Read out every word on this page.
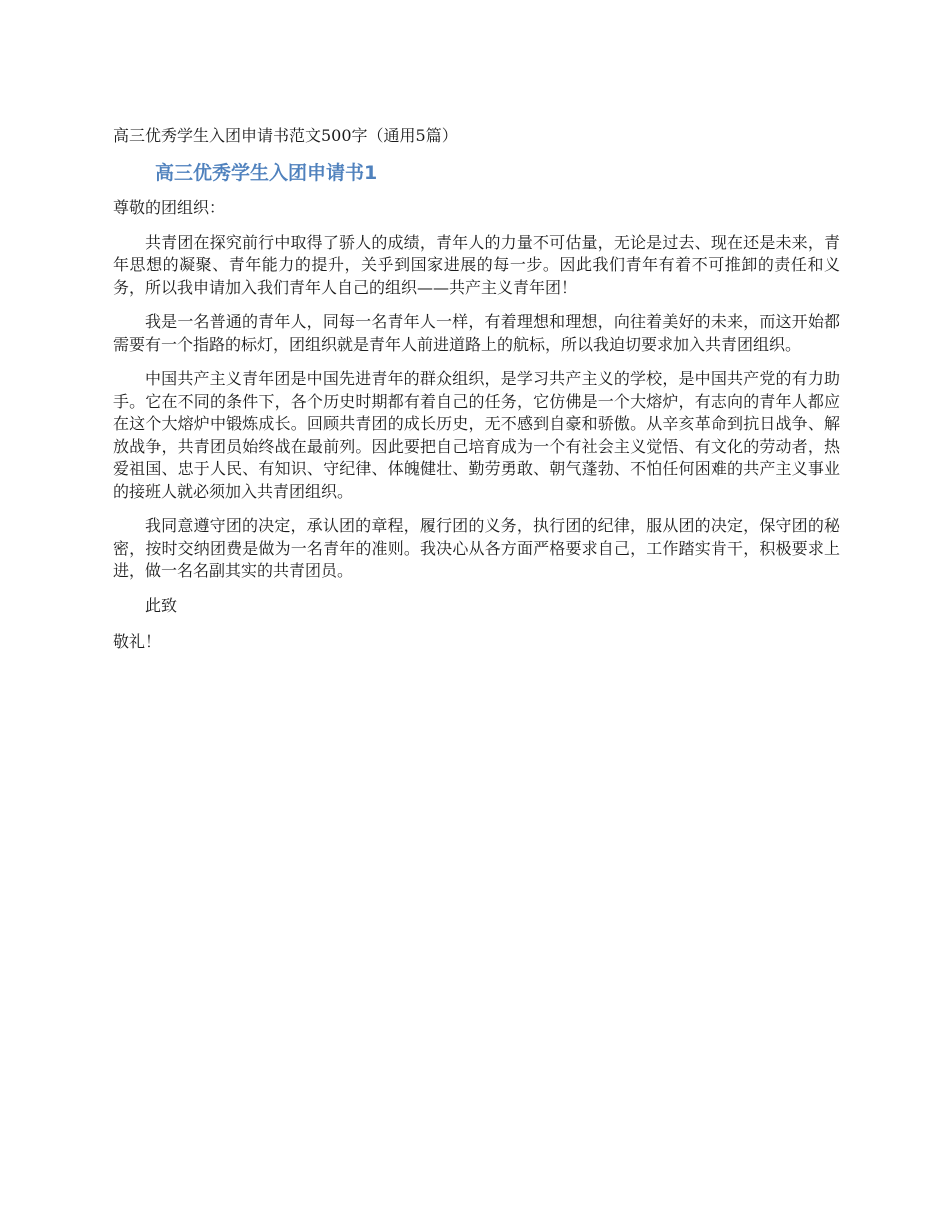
高三优秀学生入团申请书范文500字（通用5篇）

高三优秀学生入团申请书1

尊敬的团组织：

共青团在探究前行中取得了骄人的成绩，青年人的力量不可估量，无论是过去、现在还是未来，青年思想的凝聚、青年能力的提升，关乎到国家进展的每一步。因此我们青年有着不可推卸的责任和义务，所以我申请加入我们青年人自己的组织——共产主义青年团！

我是一名普通的青年人，同每一名青年人一样，有着理想和理想，向往着美好的未来，而这开始都需要有一个指路的标灯，团组织就是青年人前进道路上的航标，所以我迫切要求加入共青团组织。

中国共产主义青年团是中国先进青年的群众组织，是学习共产主义的学校，是中国共产党的有力助手。它在不同的条件下，各个历史时期都有着自己的任务，它仿佛是一个大熔炉，有志向的青年人都应在这个大熔炉中锻炼成长。回顾共青团的成长历史，无不感到自豪和骄傲。从辛亥革命到抗日战争、解放战争，共青团员始终战在最前列。因此要把自己培育成为一个有社会主义觉悟、有文化的劳动者，热爱祖国、忠于人民、有知识、守纪律、体魄健壮、勤劳勇敢、朝气蓬勃、不怕任何困难的共产主义事业的接班人就必须加入共青团组织。

我同意遵守团的决定，承认团的章程，履行团的义务，执行团的纪律，服从团的决定，保守团的秘密，按时交纳团费是做为一名青年的准则。我决心从各方面严格要求自己，工作踏实肯干，积极要求上进，做一名名副其实的共青团员。

此致

敬礼！
